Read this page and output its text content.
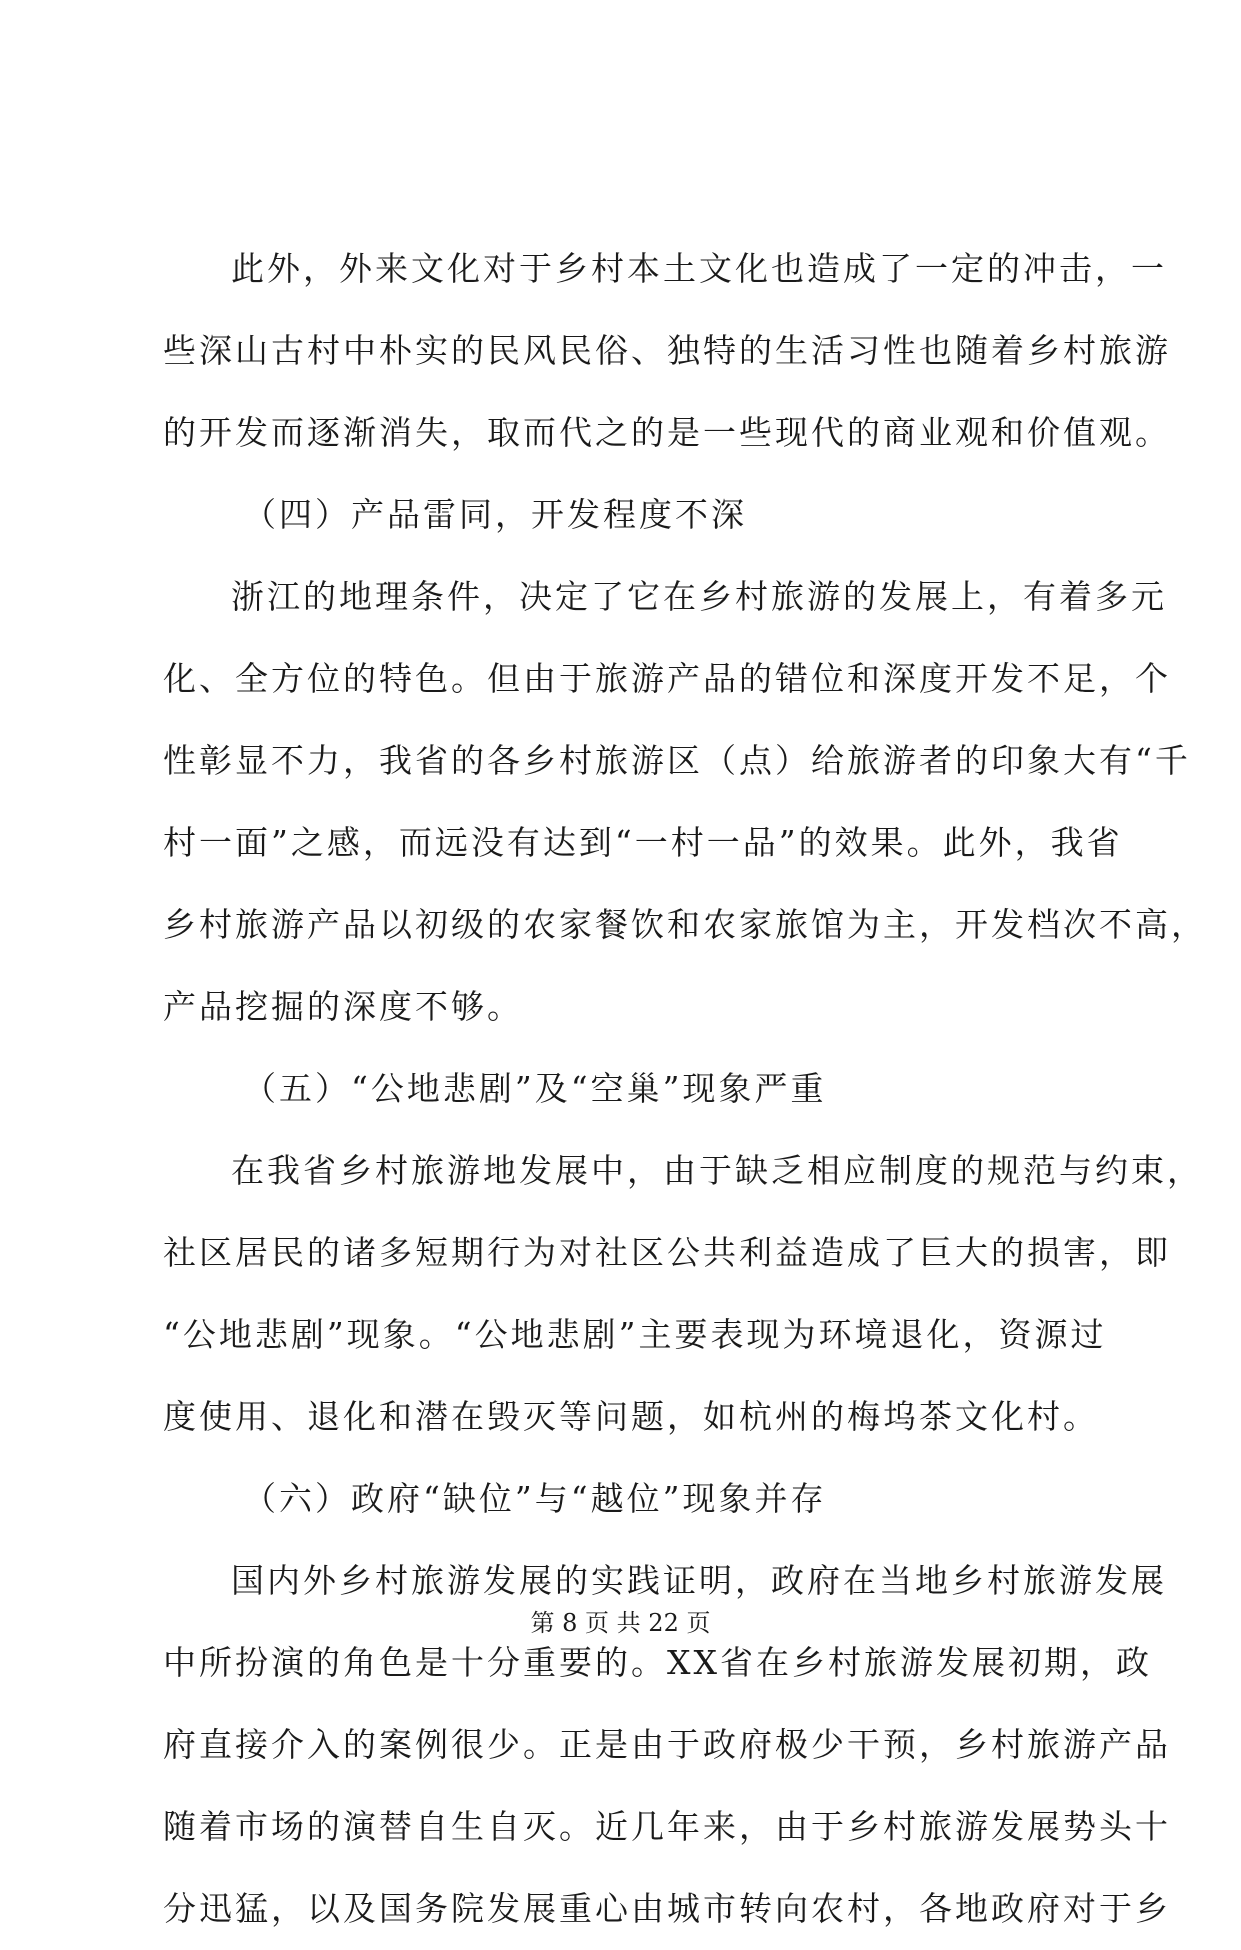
此外，外来文化对于乡村本土文化也造成了一定的冲击，一
些深山古村中朴实的民风民俗、独特的生活习性也随着乡村旅游
的开发而逐渐消失，取而代之的是一些现代的商业观和价值观。
（四）产品雷同，开发程度不深
浙江的地理条件，决定了它在乡村旅游的发展上，有着多元
化、全方位的特色。但由于旅游产品的错位和深度开发不足，个
性彰显不力，我省的各乡村旅游区（点）给旅游者的印象大有“千
村一面”之感，而远没有达到“一村一品”的效果。此外，我省
乡村旅游产品以初级的农家餐饮和农家旅馆为主，开发档次不高，
产品挖掘的深度不够。
（五）“公地悲剧”及“空巢”现象严重
在我省乡村旅游地发展中，由于缺乏相应制度的规范与约束，
社区居民的诸多短期行为对社区公共利益造成了巨大的损害，即
“公地悲剧”现象。“公地悲剧”主要表现为环境退化，资源过
度使用、退化和潜在毁灭等问题，如杭州的梅坞茶文化村。
（六）政府“缺位”与“越位”现象并存
国内外乡村旅游发展的实践证明，政府在当地乡村旅游发展
中所扮演的角色是十分重要的。XX省在乡村旅游发展初期，政
府直接介入的案例很少。正是由于政府极少干预，乡村旅游产品
随着市场的演替自生自灭。近几年来，由于乡村旅游发展势头十
分迅猛，以及国务院发展重心由城市转向农村，各地政府对于乡
第 8 页 共 22 页
